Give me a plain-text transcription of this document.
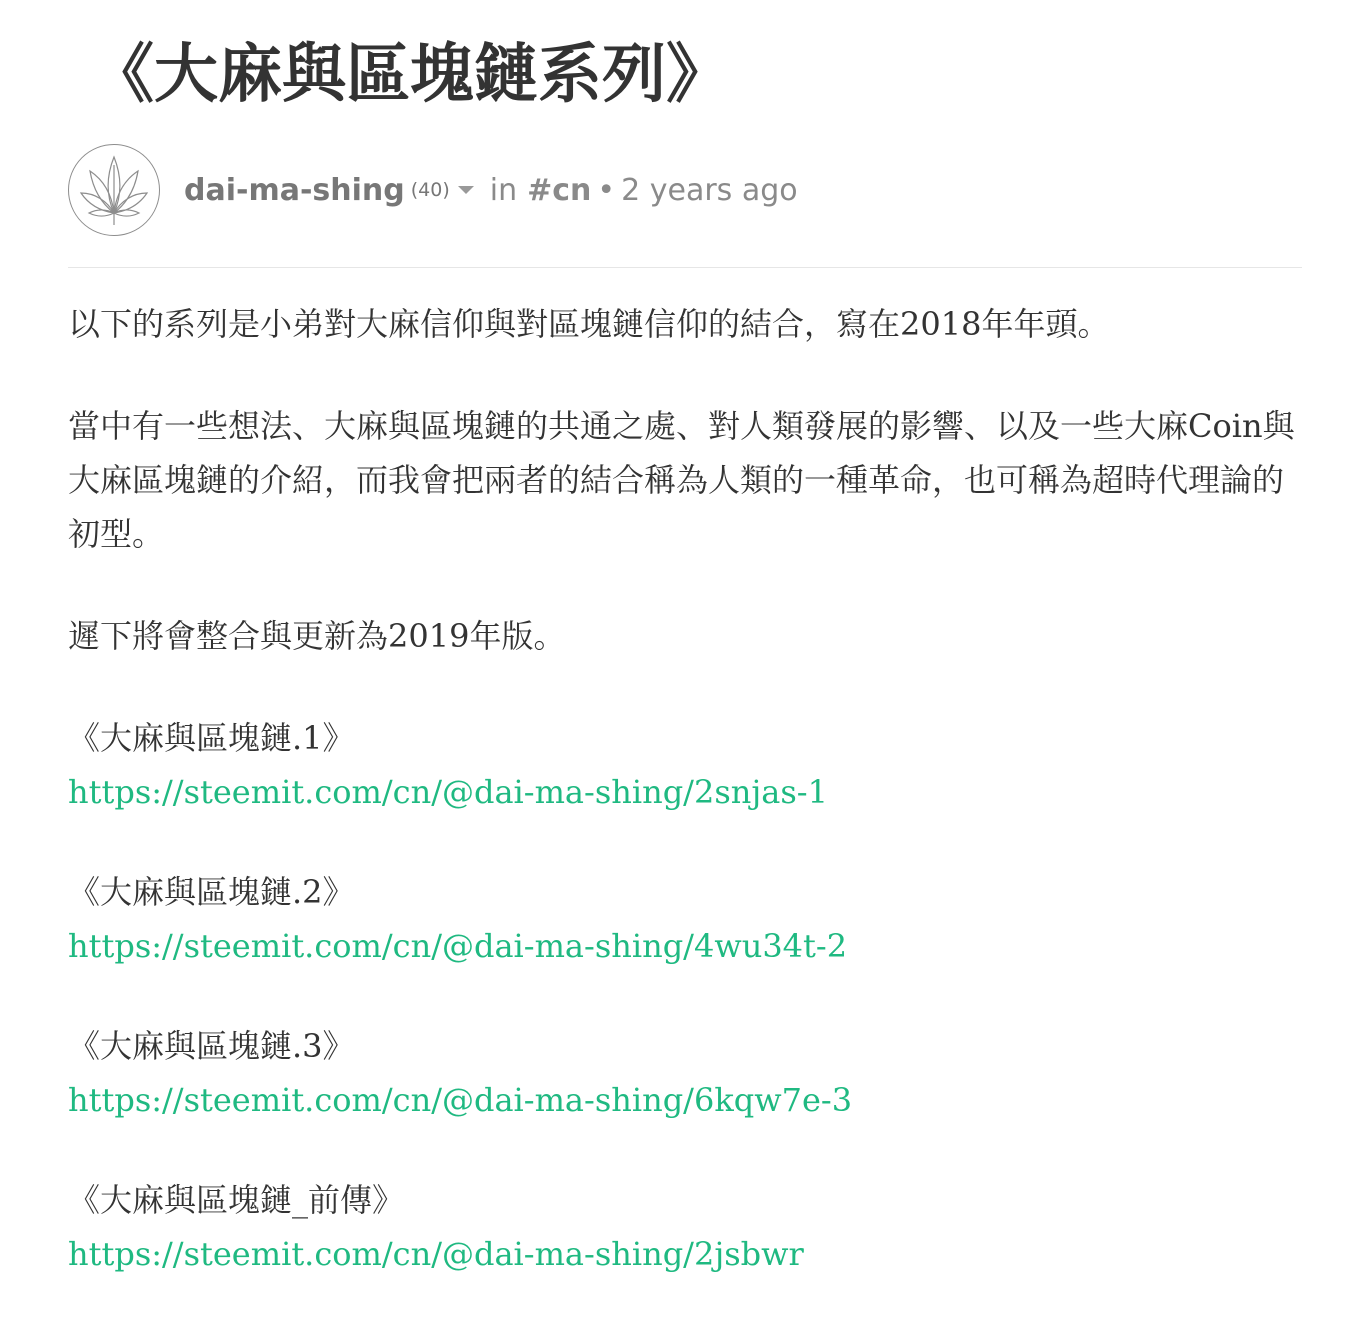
《大麻與區塊鏈系列》
dai-ma-shing (40) in #cn • 2 years ago

以下的系列是小弟對大麻信仰與對區塊鏈信仰的結合，寫在2018年年頭。

當中有一些想法、大麻與區塊鏈的共通之處、對人類發展的影響、以及一些大麻Coin與大麻區塊鏈的介紹，而我會把兩者的結合稱為人類的一種革命，也可稱為超時代理論的初型。

遲下將會整合與更新為2019年版。

《大麻與區塊鏈.1》
https://steemit.com/cn/@dai-ma-shing/2snjas-1
《大麻與區塊鏈.2》
https://steemit.com/cn/@dai-ma-shing/4wu34t-2
《大麻與區塊鏈.3》
https://steemit.com/cn/@dai-ma-shing/6kqw7e-3
《大麻與區塊鏈_前傳》
https://steemit.com/cn/@dai-ma-shing/2jsbwr
